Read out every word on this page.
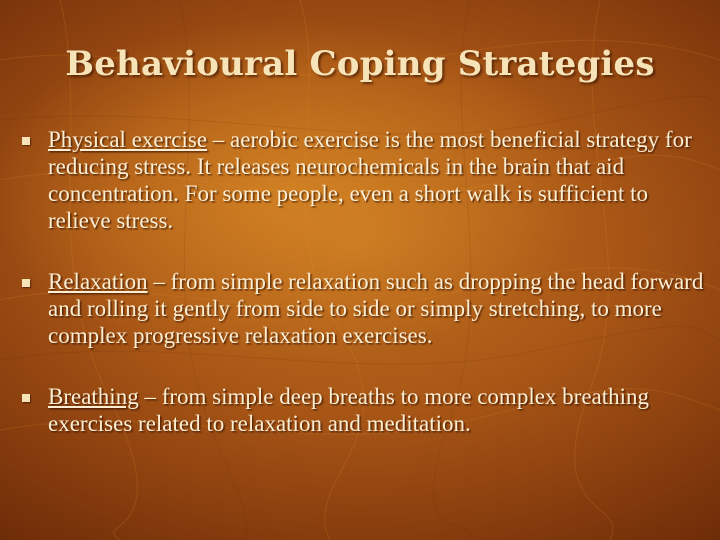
Behavioural Coping Strategies
Physical exercise – aerobic exercise is the most beneficial strategy for reducing stress. It releases neurochemicals in the brain that aid concentration. For some people, even a short walk is sufficient to relieve stress.
Relaxation – from simple relaxation such as dropping the head forward and rolling it gently from side to side or simply stretching, to more complex progressive relaxation exercises.
Breathing – from simple deep breaths to more complex breathing exercises related to relaxation and meditation.
